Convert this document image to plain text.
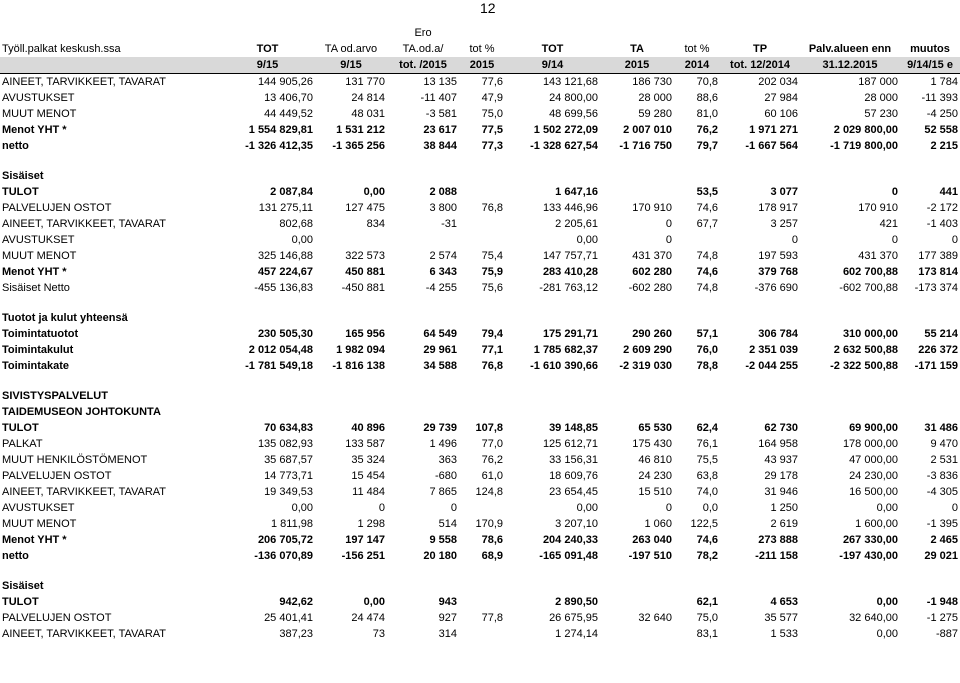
12
			Ero							
Työll.palkat keskush.ssa	TOT	TA od.arvo	TA.od.a/	tot %	TOT	TA	tot %	TP	Palv.alueen enn	muutos
	9/15	9/15	tot. /2015	2015	9/14	2015	2014	tot. 12/2014	31.12.2015	9/14/15 e
AINEET, TARVIKKEET, TAVARAT	144 905,26	131 770	13 135	77,6	143 121,68	186 730	70,8	202 034	187 000	1 784
AVUSTUKSET	13 406,70	24 814	-11 407	47,9	24 800,00	28 000	88,6	27 984	28 000	-11 393
MUUT MENOT	44 449,52	48 031	-3 581	75,0	48 699,56	59 280	81,0	60 106	57 230	-4 250
Menot YHT *	1 554 829,81	1 531 212	23 617	77,5	1 502 272,09	2 007 010	76,2	1 971 271	2 029 800,00	52 558
netto	-1 326 412,35	-1 365 256	38 844	77,3	-1 328 627,54	-1 716 750	79,7	-1 667 564	-1 719 800,00	2 215

Sisäiset										
TULOT	2 087,84	0,00	2 088		1 647,16		53,5	3 077	0	441
PALVELUJEN OSTOT	131 275,11	127 475	3 800	76,8	133 446,96	170 910	74,6	178 917	170 910	-2 172
AINEET, TARVIKKEET, TAVARAT	802,68	834	-31		2 205,61	0	67,7	3 257	421	-1 403
AVUSTUKSET	0,00				0,00	0		0	0	0
MUUT MENOT	325 146,88	322 573	2 574	75,4	147 757,71	431 370	74,8	197 593	431 370	177 389
Menot YHT *	457 224,67	450 881	6 343	75,9	283 410,28	602 280	74,6	379 768	602 700,88	173 814
Sisäiset Netto	-455 136,83	-450 881	-4 255	75,6	-281 763,12	-602 280	74,8	-376 690	-602 700,88	-173 374

Tuotot ja kulut yhteensä										
Toimintatuotot	230 505,30	165 956	64 549	79,4	175 291,71	290 260	57,1	306 784	310 000,00	55 214
Toimintakulut	2 012 054,48	1 982 094	29 961	77,1	1 785 682,37	2 609 290	76,0	2 351 039	2 632 500,88	226 372
Toimintakate	-1 781 549,18	-1 816 138	34 588	76,8	-1 610 390,66	-2 319 030	78,8	-2 044 255	-2 322 500,88	-171 159

SIVISTYSPALVELUT										
TAIDEMUSEON JOHTOKUNTA										
TULOT	70 634,83	40 896	29 739	107,8	39 148,85	65 530	62,4	62 730	69 900,00	31 486
PALKAT	135 082,93	133 587	1 496	77,0	125 612,71	175 430	76,1	164 958	178 000,00	9 470
MUUT HENKILÖSTÖMENOT	35 687,57	35 324	363	76,2	33 156,31	46 810	75,5	43 937	47 000,00	2 531
PALVELUJEN OSTOT	14 773,71	15 454	-680	61,0	18 609,76	24 230	63,8	29 178	24 230,00	-3 836
AINEET, TARVIKKEET, TAVARAT	19 349,53	11 484	7 865	124,8	23 654,45	15 510	74,0	31 946	16 500,00	-4 305
AVUSTUKSET	0,00	0	0		0,00	0	0,0	1 250	0,00	0
MUUT MENOT	1 811,98	1 298	514	170,9	3 207,10	1 060	122,5	2 619	1 600,00	-1 395
Menot YHT *	206 705,72	197 147	9 558	78,6	204 240,33	263 040	74,6	273 888	267 330,00	2 465
netto	-136 070,89	-156 251	20 180	68,9	-165 091,48	-197 510	78,2	-211 158	-197 430,00	29 021

Sisäiset										
TULOT	942,62	0,00	943		2 890,50		62,1	4 653	0,00	-1 948
PALVELUJEN OSTOT	25 401,41	24 474	927	77,8	26 675,95	32 640	75,0	35 577	32 640,00	-1 275
AINEET, TARVIKKEET, TAVARAT	387,23	73	314		1 274,14		83,1	1 533	0,00	-887
